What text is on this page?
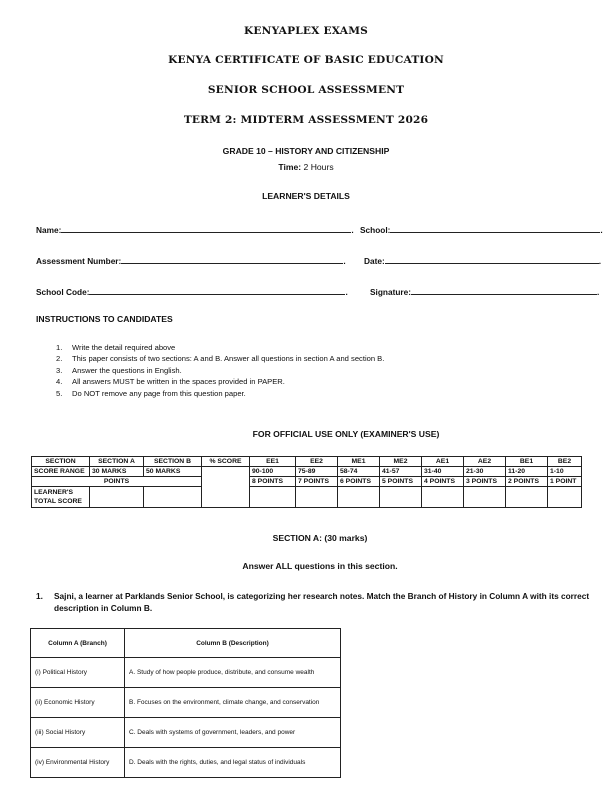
KENYAPLEX EXAMS
KENYA CERTIFICATE OF BASIC EDUCATION
SENIOR SCHOOL ASSESSMENT
TERM 2: MIDTERM ASSESSMENT 2026
GRADE 10 – HISTORY AND CITIZENSHIP
Time: 2 Hours
LEARNER'S DETAILS
Name:	. School:	.
Assessment Number:	. Date:	.
School Code:	.	Signature:	.
INSTRUCTIONS TO CANDIDATES
1. Write the detail required above
2. This paper consists of two sections: A and B. Answer all questions in section A and section B.
3. Answer the questions in English.
4. All answers MUST be written in the spaces provided in PAPER.
5. Do NOT remove any page from this question paper.
FOR OFFICIAL USE ONLY (EXAMINER'S USE)
SECTION	SECTION A	SECTION B	% SCORE	EE1	EE2	ME1	ME2	AE1	AE2	BE1	BE2
SCORE RANGE	30 MARKS	50 MARKS		90-100	75-89	58-74	41-57	31-40	21-30	11-20	1-10
POINTS				8 POINTS	7 POINTS	6 POINTS	5 POINTS	4 POINTS	3 POINTS	2 POINTS	1 POINT
LEARNER'S TOTAL SCORE											
SECTION A: (30 marks)
Answer ALL questions in this section.
1. Sajni, a learner at Parklands Senior School, is categorizing her research notes. Match the Branch of History in Column A with its correct description in Column B.
Column A (Branch)	Column B (Description)
(i) Political History	A. Study of how people produce, distribute, and consume wealth
(ii) Economic History	B. Focuses on the environment, climate change, and conservation
(iii) Social History	C. Deals with systems of government, leaders, and power
(iv) Environmental History	D. Deals with the rights, duties, and legal status of individuals
